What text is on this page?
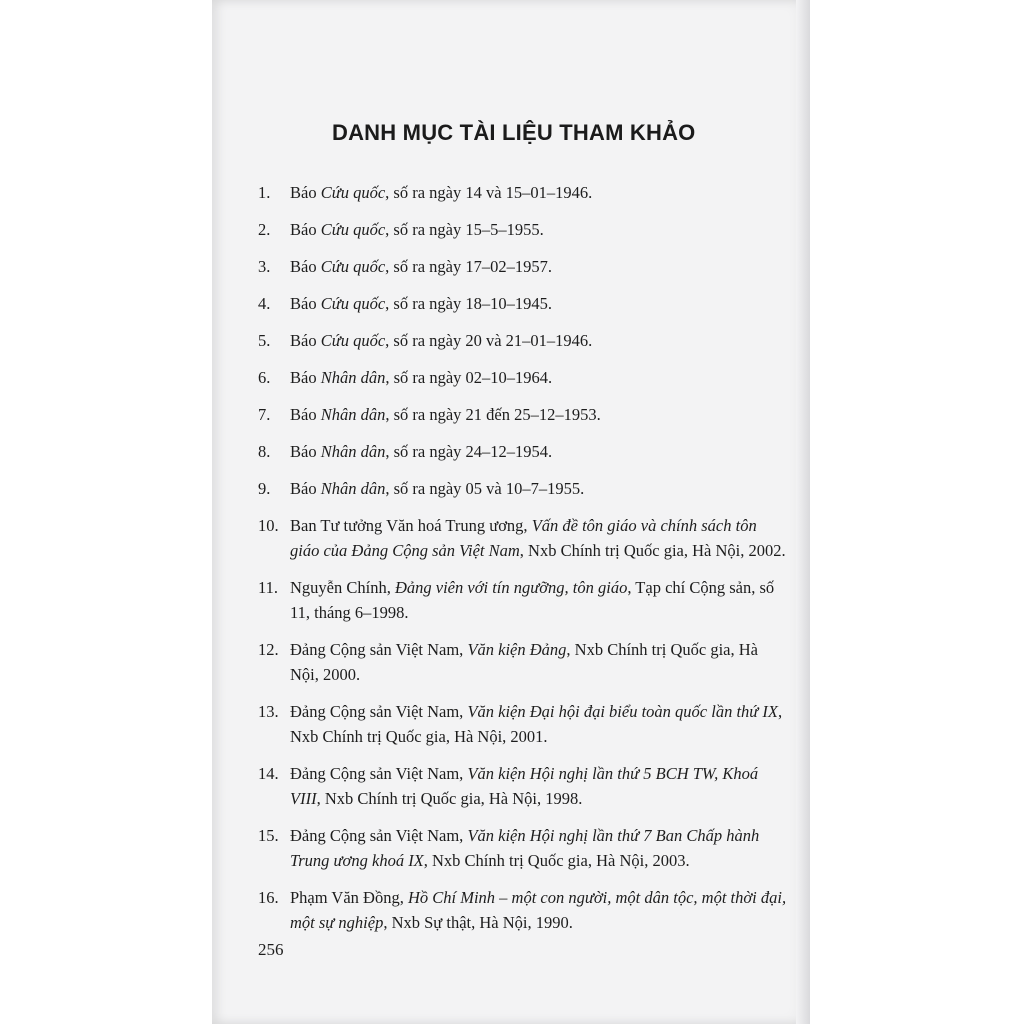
DANH MỤC TÀI LIỆU THAM KHẢO
1.	Báo Cứu quốc, số ra ngày 14 và 15–01–1946.
2.	Báo Cứu quốc, số ra ngày 15–5–1955.
3.	Báo Cứu quốc, số ra ngày 17–02–1957.
4.	Báo Cứu quốc, số ra ngày 18–10–1945.
5.	Báo Cứu quốc, số ra ngày 20 và 21–01–1946.
6.	Báo Nhân dân, số ra ngày 02–10–1964.
7.	Báo Nhân dân, số ra ngày 21 đến 25–12–1953.
8.	Báo Nhân dân, số ra ngày 24–12–1954.
9.	Báo Nhân dân, số ra ngày 05 và 10–7–1955.
10. Ban Tư tưởng Văn hoá Trung ương, Vấn đề tôn giáo và chính sách tôn giáo của Đảng Cộng sản Việt Nam, Nxb Chính trị Quốc gia, Hà Nội, 2002.
11. Nguyễn Chính, Đảng viên với tín ngưỡng, tôn giáo, Tạp chí Cộng sản, số 11, tháng 6–1998.
12. Đảng Cộng sản Việt Nam, Văn kiện Đảng, Nxb Chính trị Quốc gia, Hà Nội, 2000.
13. Đảng Cộng sản Việt Nam, Văn kiện Đại hội đại biểu toàn quốc lần thứ IX, Nxb Chính trị Quốc gia, Hà Nội, 2001.
14. Đảng Cộng sản Việt Nam, Văn kiện Hội nghị lần thứ 5 BCH TW, Khoá VIII, Nxb Chính trị Quốc gia, Hà Nội, 1998.
15. Đảng Cộng sản Việt Nam, Văn kiện Hội nghị lần thứ 7 Ban Chấp hành Trung ương khoá IX, Nxb Chính trị Quốc gia, Hà Nội, 2003.
16. Phạm Văn Đồng, Hồ Chí Minh – một con người, một dân tộc, một thời đại, một sự nghiệp, Nxb Sự thật, Hà Nội, 1990.
256
